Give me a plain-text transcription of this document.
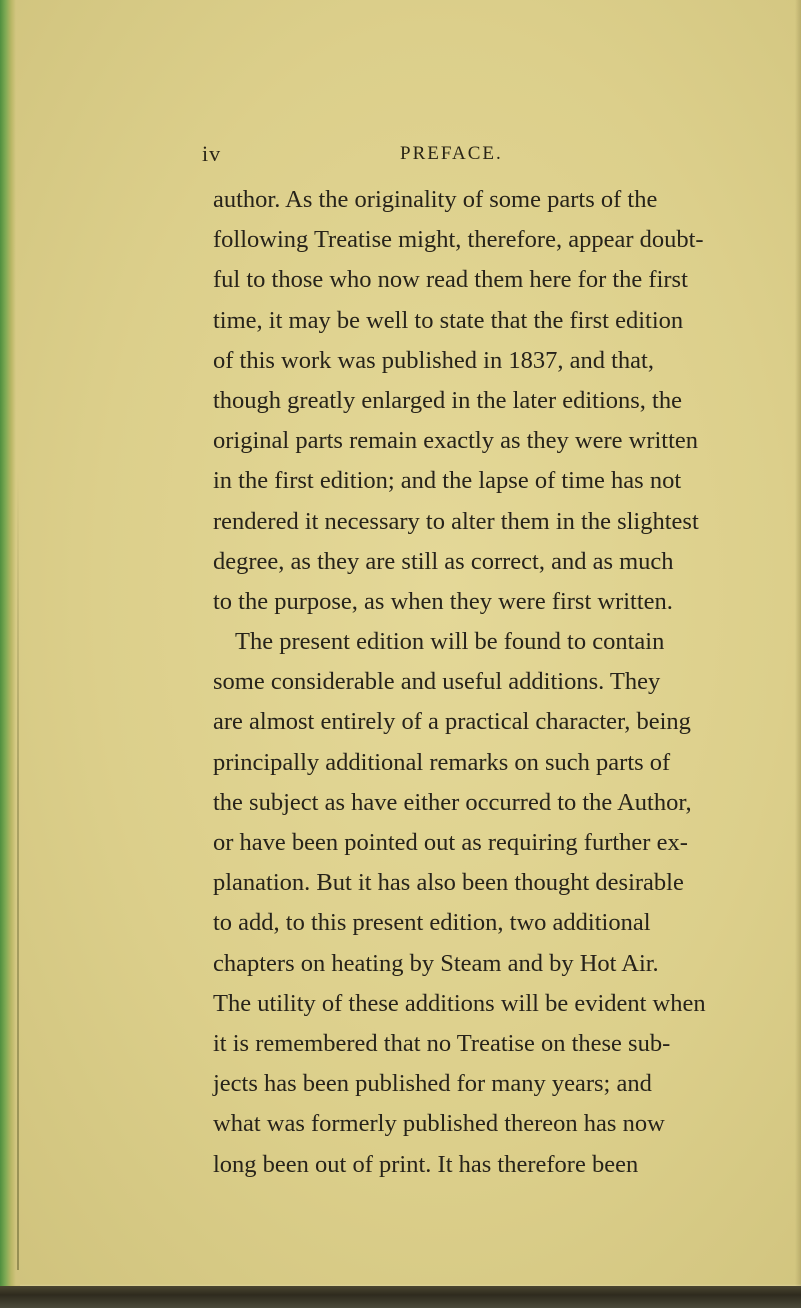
iv	PREFACE.
author. As the originality of some parts of the
following Treatise might, therefore, appear doubt-
ful to those who now read them here for the first
time, it may be well to state that the first edition
of this work was published in 1837, and that,
though greatly enlarged in the later editions, the
original parts remain exactly as they were written
in the first edition; and the lapse of time has not
rendered it necessary to alter them in the slightest
degree, as they are still as correct, and as much
to the purpose, as when they were first written.
The present edition will be found to contain
some considerable and useful additions. They
are almost entirely of a practical character, being
principally additional remarks on such parts of
the subject as have either occurred to the Author,
or have been pointed out as requiring further ex-
planation. But it has also been thought desirable
to add, to this present edition, two additional
chapters on heating by Steam and by Hot Air.
The utility of these additions will be evident when
it is remembered that no Treatise on these sub-
jects has been published for many years; and
what was formerly published thereon has now
long been out of print. It has therefore been
